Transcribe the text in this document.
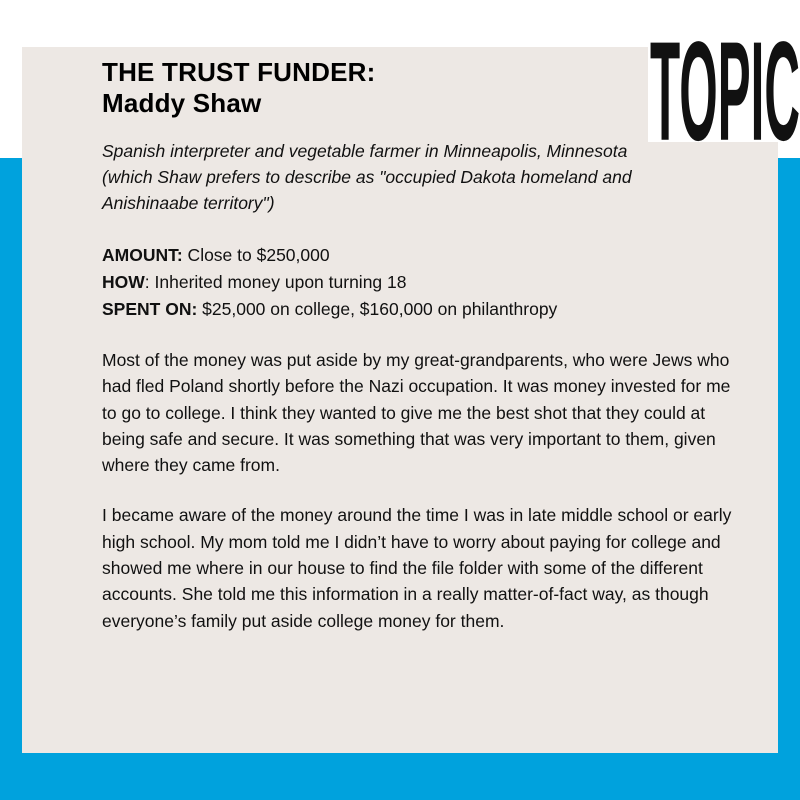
THE TRUST FUNDER:
Maddy Shaw

Spanish interpreter and vegetable farmer in Minneapolis, Minnesota (which Shaw prefers to describe as "occupied Dakota homeland and Anishinaabe territory")

AMOUNT: Close to $250,000
HOW: Inherited money upon turning 18
SPENT ON: $25,000 on college, $160,000 on philanthropy

Most of the money was put aside by my great-grandparents, who were Jews who had fled Poland shortly before the Nazi occupation. It was money invested for me to go to college. I think they wanted to give me the best shot that they could at being safe and secure. It was something that was very important to them, given where they came from.

I became aware of the money around the time I was in late middle school or early high school. My mom told me I didn’t have to worry about paying for college and showed me where in our house to find the file folder with some of the different accounts. She told me this information in a really matter-of-fact way, as though everyone’s family put aside college money for them.

TOPIC
